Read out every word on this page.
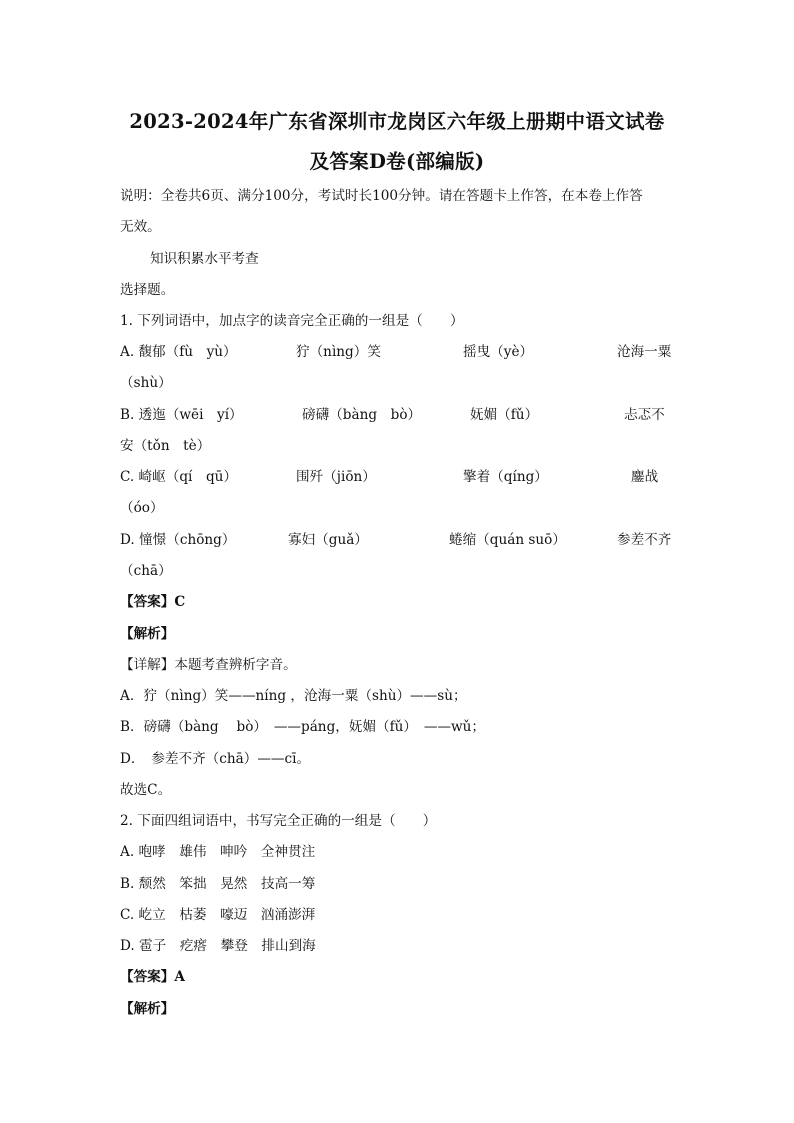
2023-2024年广东省深圳市龙岗区六年级上册期中语文试卷
及答案D卷(部编版)
说明：全卷共6页、满分100分，考试时长100分钟。请在答题卡上作答，在本卷上作答
无效。
知识积累水平考查
选择题。
1. 下列词语中，加点字的读音完全正确的一组是（　　）
A. 馥郁（fù　yù）	狞（nìng）笑	摇曳（yè）	沧海一粟
（shù）
B. 透迤（wēi　yí）	磅礴（bàng　bò）	妩媚（fǔ）	忐忑不
安（tǒn　tè）
C. 崎岖（qí　qū）	围歼（jiōn）	擎着（qíng）	鏖战
（óo）
D. 憧憬（chōng）	寡妇（guǎ）	蜷缩（quán suō）	参差不齐
（chā）
【答案】C
【解析】
【详解】本题考查辨析字音。
A．狞（nìng）笑——níng ，沧海一粟（shù）——sù；
B．磅礴（bàng　 bò）　——páng，妩媚（fǔ）　——wǔ；
D．　参差不齐（chā）——cī。
故选C。
2. 下面四组词语中，书写完全正确的一组是（　　）
A. 咆哮　雄伟　呻吟　全神贯注
B. 颓然　笨拙　晃然　技高一筹
C. 屹立　枯萎　嚎迈　汹涌澎湃
D. 雹子　疙瘩　攀登　排山到海
【答案】A
【解析】
